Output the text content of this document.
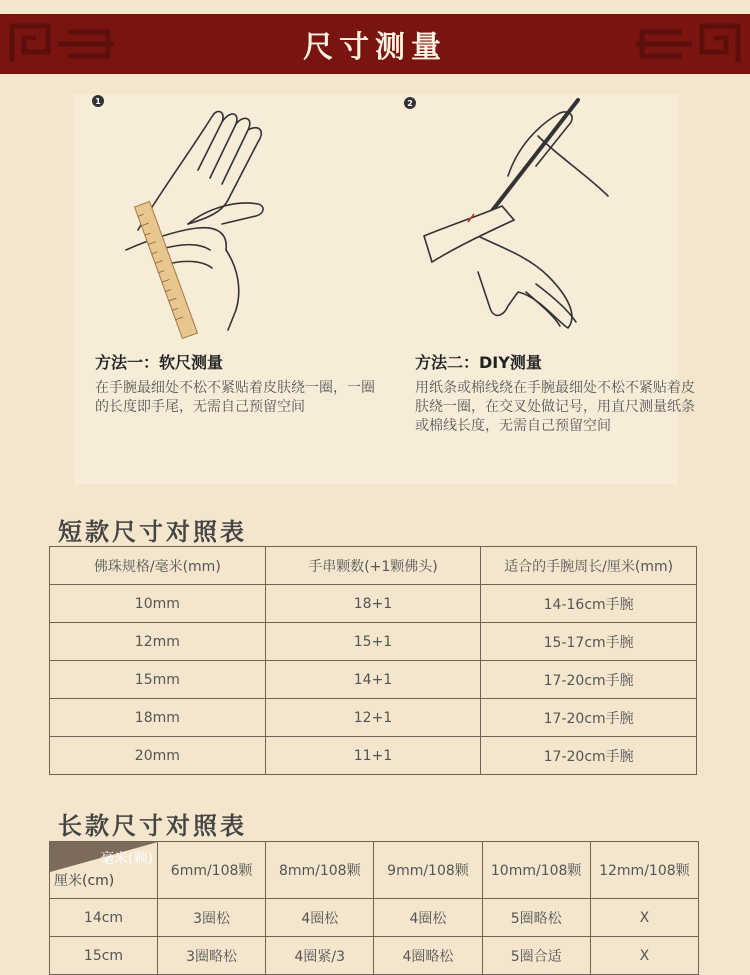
尺寸测量
1
方法一：软尺测量

在手腕最细处不松不紧贴着皮肤绕一圈，一圈的长度即手尾，无需自己预留空间

2
方法二：DIY测量

用纸条或棉线绕在手腕最细处不松不紧贴着皮肤绕一圈，在交叉处做记号，用直尺测量纸条或棉线长度，无需自己预留空间

短款尺寸对照表
佛珠规格/毫米(mm)	手串颗数(+1颗佛头)	适合的手腕周长/厘米(mm)
10mm	18+1	14-16cm手腕
12mm	15+1	15-17cm手腕
15mm	14+1	17-20cm手腕
18mm	12+1	17-20cm手腕
20mm	11+1	17-20cm手腕
长款尺寸对照表
毫米(颗)
厘米(cm)	6mm/108颗	8mm/108颗	9mm/108颗	10mm/108颗	12mm/108颗
14cm	3圈松	4圈松	4圈松	5圈略松	X
15cm	3圈略松	4圈紧/3	4圈略松	5圈合适	X
